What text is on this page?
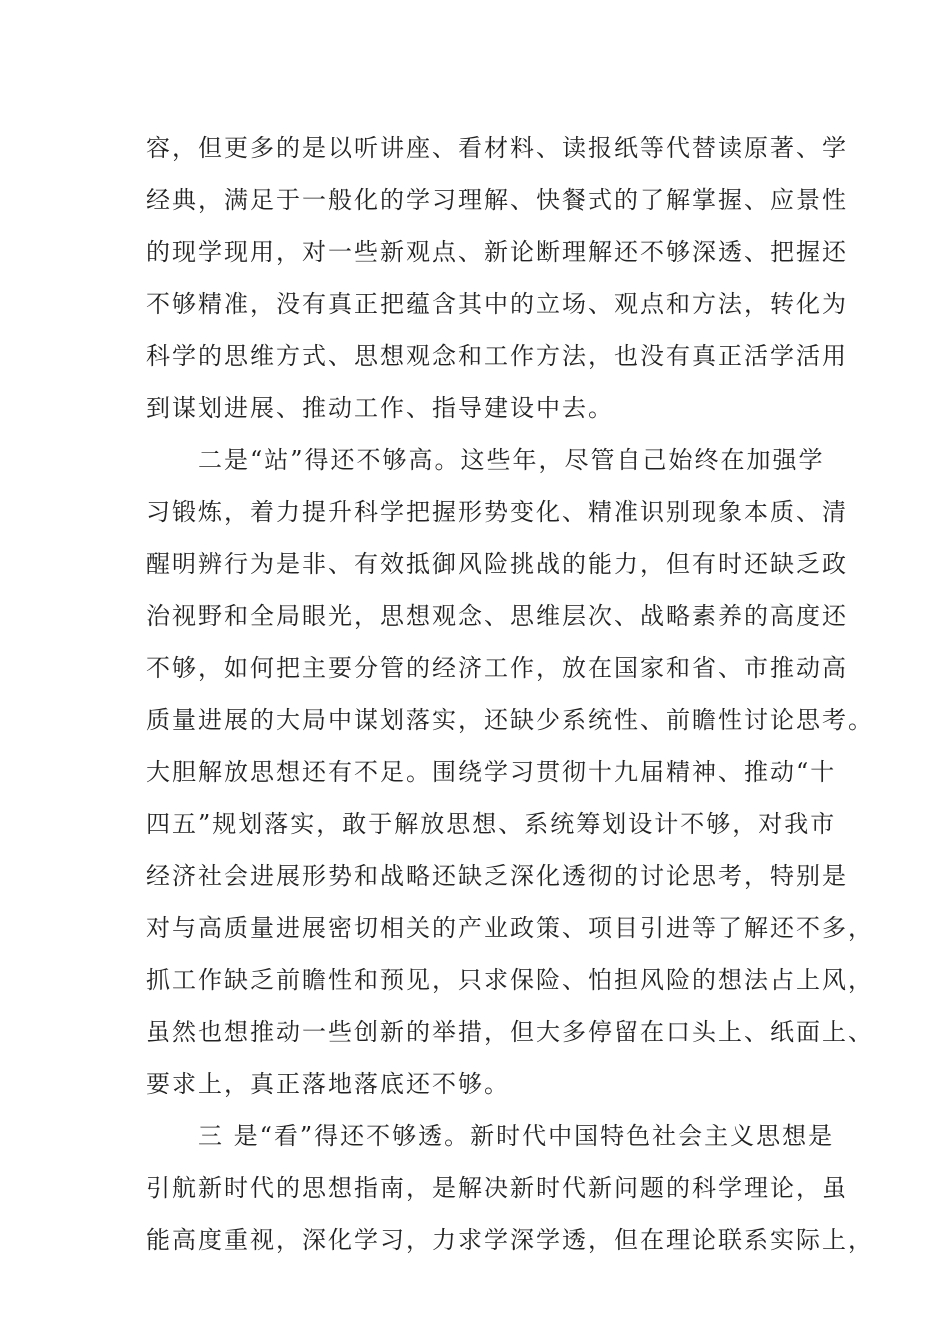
容，但更多的是以听讲座、看材料、读报纸等代替读原著、学
经典，满足于一般化的学习理解、快餐式的了解掌握、应景性
的现学现用，对一些新观点、新论断理解还不够深透、把握还
不够精准，没有真正把蕴含其中的立场、观点和方法，转化为
科学的思维方式、思想观念和工作方法，也没有真正活学活用
到谋划进展、推动工作、指导建设中去。
二是“站”得还不够高。这些年，尽管自己始终在加强学
习锻炼，着力提升科学把握形势变化、精准识别现象本质、清
醒明辨行为是非、有效抵御风险挑战的能力，但有时还缺乏政
治视野和全局眼光，思想观念、思维层次、战略素养的高度还
不够，如何把主要分管的经济工作，放在国家和省、市推动高
质量进展的大局中谋划落实，还缺少系统性、前瞻性讨论思考。
大胆解放思想还有不足。围绕学习贯彻十九届精神、推动“十
四五”规划落实，敢于解放思想、系统筹划设计不够，对我市
经济社会进展形势和战略还缺乏深化透彻的讨论思考，特别是
对与高质量进展密切相关的产业政策、项目引进等了解还不多，
抓工作缺乏前瞻性和预见，只求保险、怕担风险的想法占上风，
虽然也想推动一些创新的举措，但大多停留在口头上、纸面上、
要求上，真正落地落底还不够。
三 是“看”得还不够透。新时代中国特色社会主义思想是
引航新时代的思想指南，是解决新时代新问题的科学理论，虽
能高度重视，深化学习，力求学深学透，但在理论联系实际上，
